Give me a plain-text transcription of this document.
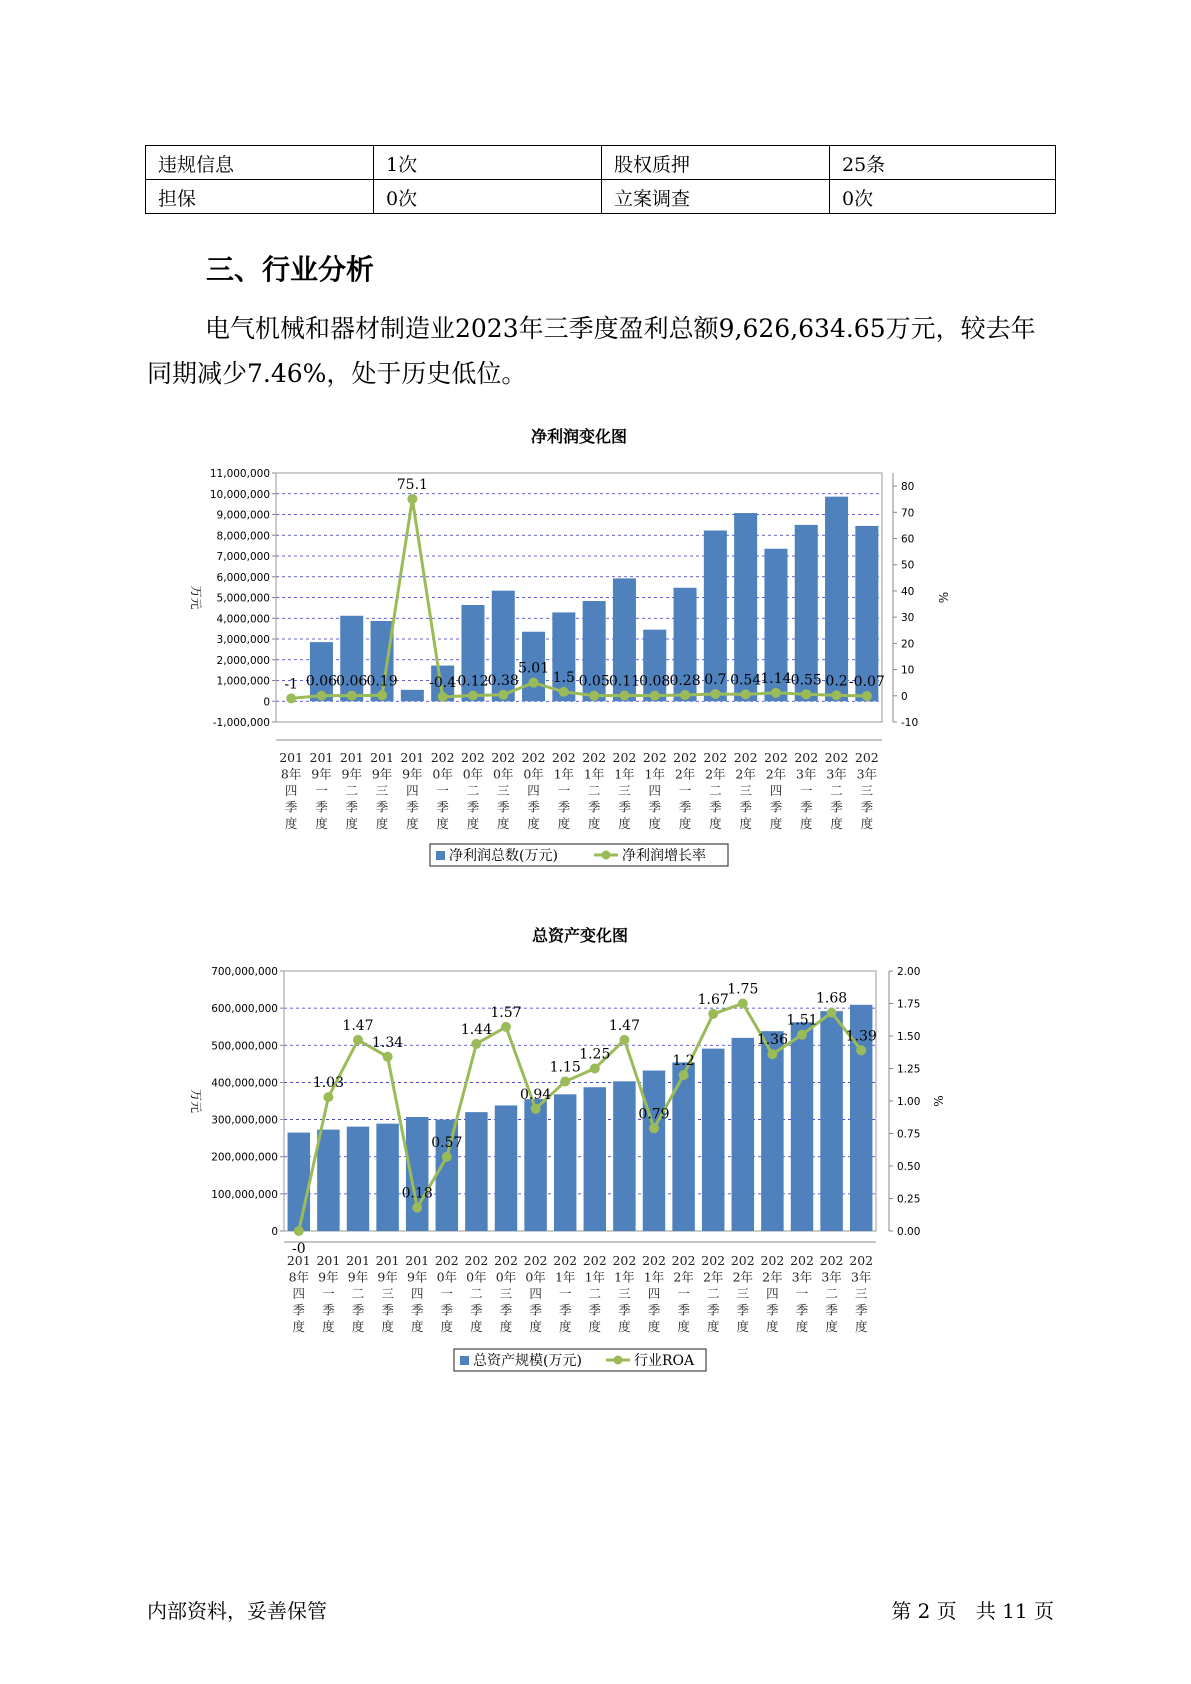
违规信息	1次	股权质押	25条
担保	0次	立案调查	0次
三、行业分析

电气机械和器材制造业2023年三季度盈利总额9,626,634.65万元，较去年同期减少7.46%，处于历史低位。

净利润变化图
-1,000,000
0
1,000,000
2,000,000
3,000,000
4,000,000
5,000,000
6,000,000
7,000,000
8,000,000
9,000,000
10,000,000
11,000,000
-10
0
10
20
30
40
50
60
70
80
万元	%
-1 0.06 0.06 0.19
75.1
-0.4 0.12 0.38
5.01
1.5 0.05 0.11 0.08 0.28 0.7 0.54 1.14 0.55 0.2 -0.07
201 8年四季度
201 9年一季度
201 9年二季度
201 9年三季度
201 9年四季度
202 0年一季度
202 0年二季度
202 0年三季度
202 0年四季度
202 1年一季度
202 1年二季度
202 1年三季度
202 1年四季度
202 2年一季度
202 2年二季度
202 2年三季度
202 2年四季度
202 3年一季度
202 3年二季度
202 3年三季度
净利润总数(万元)	净利润增长率
总资产变化图
0
100,000,000
200,000,000
300,000,000
400,000,000
500,000,000
600,000,000
700,000,000
0.00
0.25
0.50
0.75
1.00
1.25
1.50
1.75
2.00
万元	%
-0
1.03
1.47
1.34
0.18
0.57
1.44
1.57
0.94
1.15
1.25
1.47
0.79
1.2
1.67
1.75
1.36
1.51
1.68
1.39
201 8年四季度
201 9年一季度
201 9年二季度
201 9年三季度
201 9年四季度
202 0年一季度
202 0年二季度
202 0年三季度
202 0年四季度
202 1年一季度
202 1年二季度
202 1年三季度
202 1年四季度
202 2年一季度
202 2年二季度
202 2年三季度
202 2年四季度
202 3年一季度
202 3年二季度
202 3年三季度
总资产规模(万元)	行业ROA
内部资料，妥善保管	第 2 页   共 11 页
